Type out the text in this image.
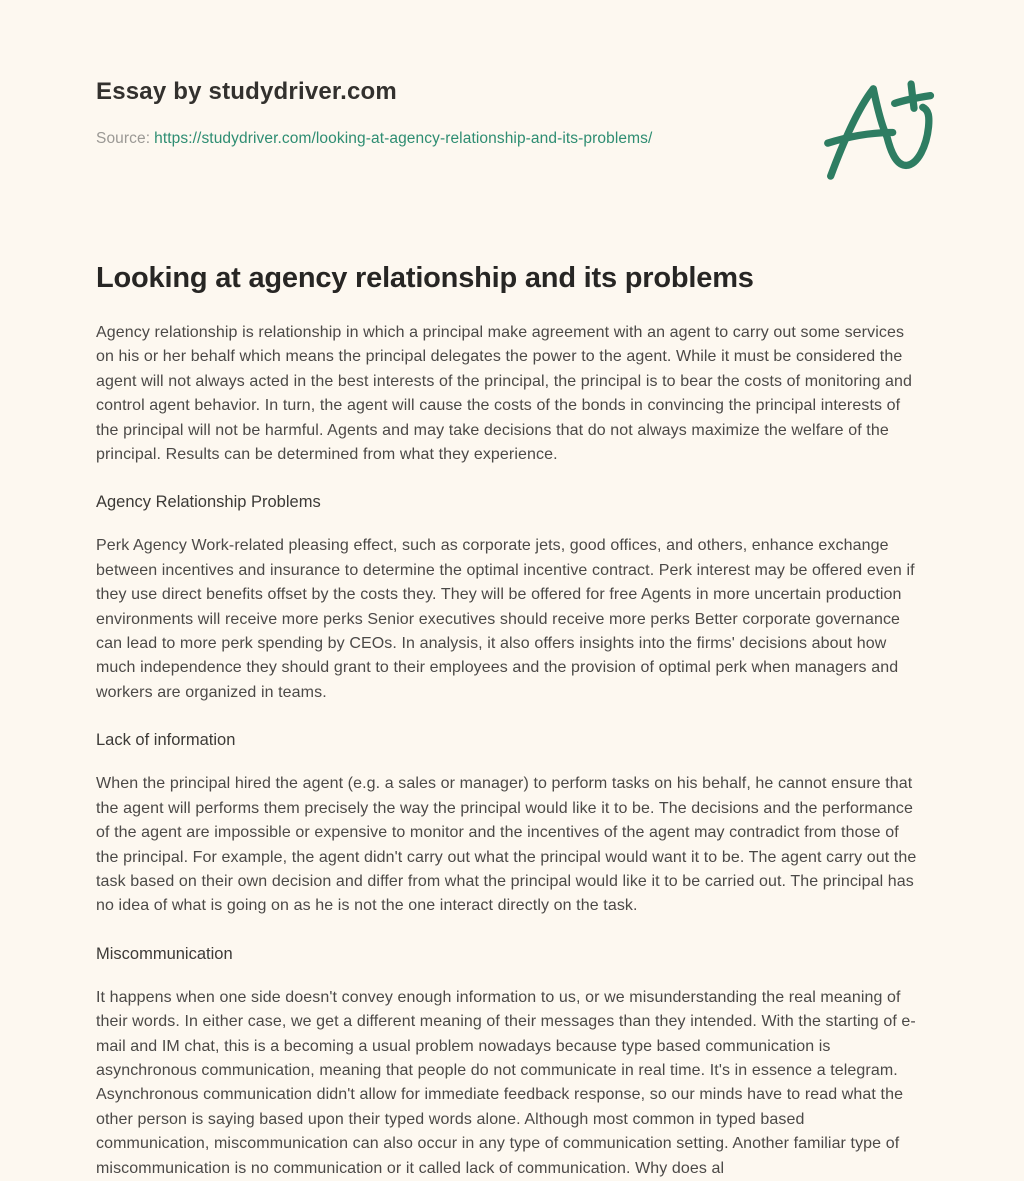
Essay by studydriver.com
Source: https://studydriver.com/looking-at-agency-relationship-and-its-problems/
Looking at agency relationship and its problems

Agency relationship is relationship in which a principal make agreement with an agent to carry out some services on his or her behalf which means the principal delegates the power to the agent. While it must be considered the agent will not always acted in the best interests of the principal, the principal is to bear the costs of monitoring and control agent behavior. In turn, the agent will cause the costs of the bonds in convincing the principal interests of the principal will not be harmful. Agents and may take decisions that do not always maximize the welfare of the principal. Results can be determined from what they experience.

Agency Relationship Problems

Perk Agency Work-related pleasing effect, such as corporate jets, good offices, and others, enhance exchange between incentives and insurance to determine the optimal incentive contract. Perk interest may be offered even if they use direct benefits offset by the costs they. They will be offered for free Agents in more uncertain production environments will receive more perks Senior executives should receive more perks Better corporate governance can lead to more perk spending by CEOs. In analysis, it also offers insights into the firms' decisions about how much independence they should grant to their employees and the provision of optimal perk when managers and workers are organized in teams.

Lack of information

When the principal hired the agent (e.g. a sales or manager) to perform tasks on his behalf, he cannot ensure that the agent will performs them precisely the way the principal would like it to be. The decisions and the performance of the agent are impossible or expensive to monitor and the incentives of the agent may contradict from those of the principal. For example, the agent didn't carry out what the principal would want it to be. The agent carry out the task based on their own decision and differ from what the principal would like it to be carried out. The principal has no idea of what is going on as he is not the one interact directly on the task.

Miscommunication

It happens when one side doesn't convey enough information to us, or we misunderstanding the real meaning of their words. In either case, we get a different meaning of their messages than they intended. With the starting of e-mail and IM chat, this is a becoming a usual problem nowadays because type based communication is asynchronous communication, meaning that people do not communicate in real time. It's in essence a telegram. Asynchronous communication didn't allow for immediate feedback response, so our minds have to read what the other person is saying based upon their typed words alone. Although most common in typed based communication, miscommunication can also occur in any type of communication setting. Another familiar type of miscommunication is no communication or it called lack of communication. Why does al
